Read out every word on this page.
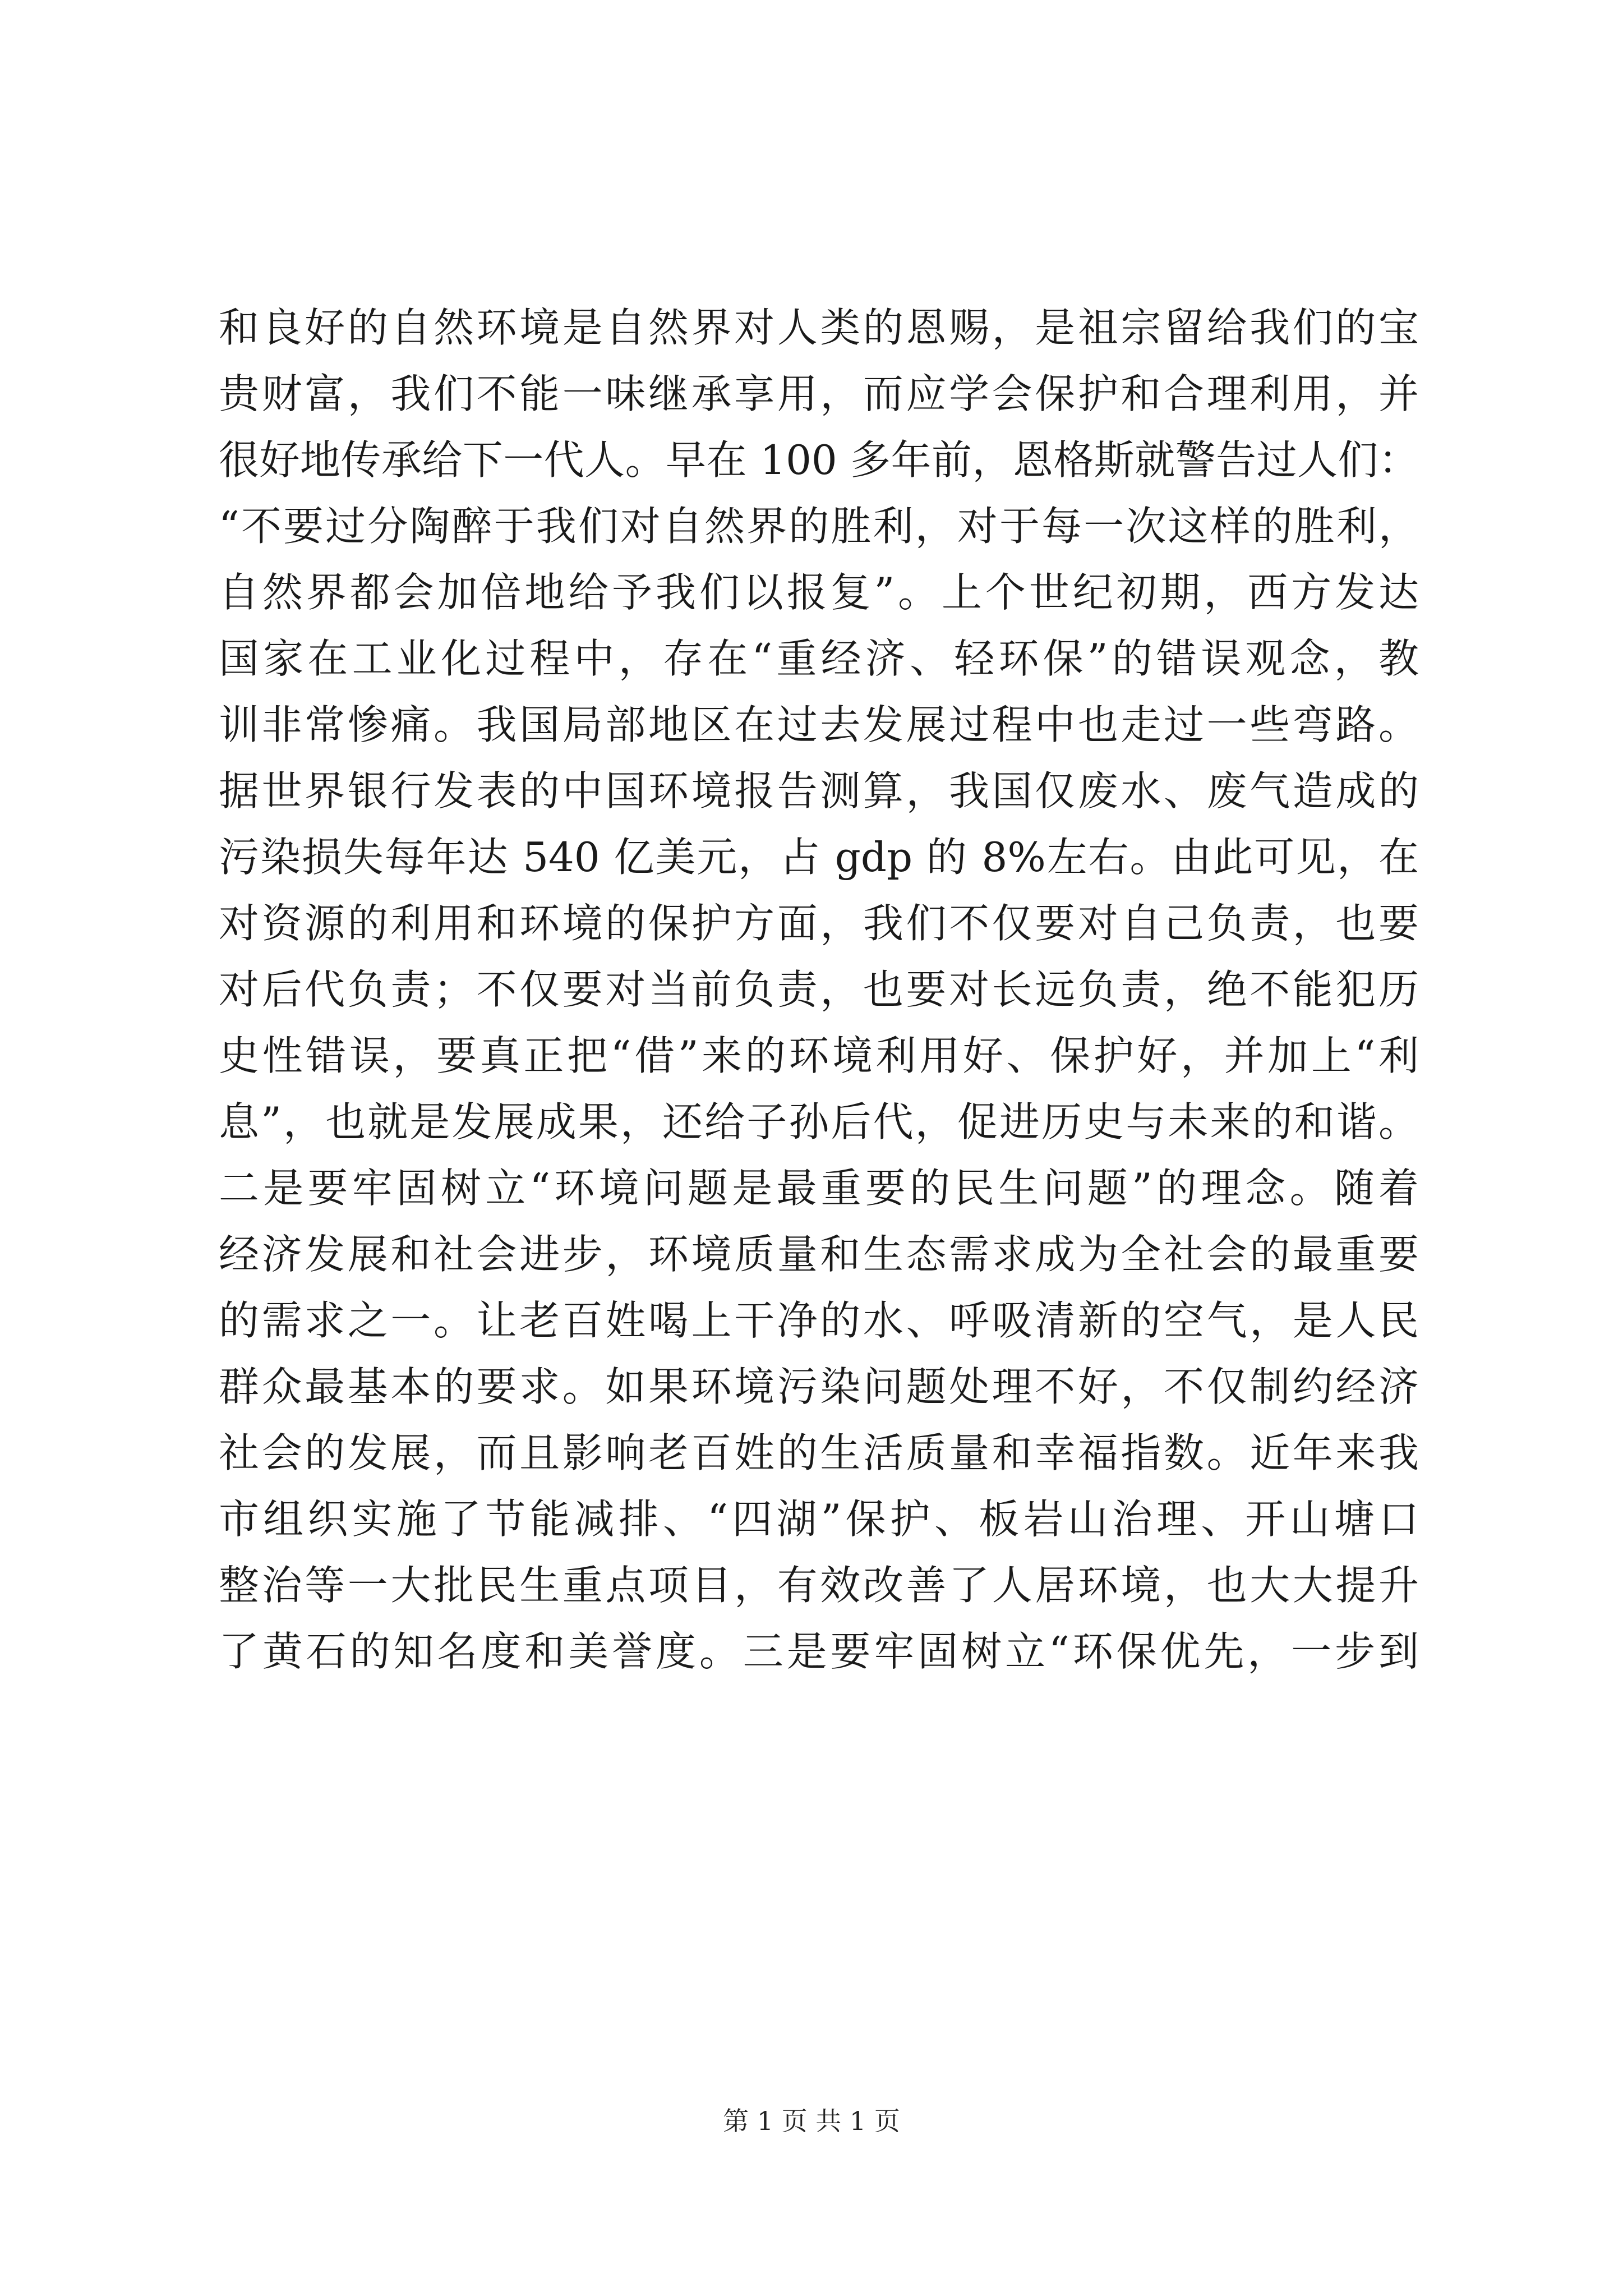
和良好的自然环境是自然界对人类的恩赐，是祖宗留给我们的宝
贵财富，我们不能一味继承享用，而应学会保护和合理利用，并
很好地传承给下一代人。早在 100 多年前，恩格斯就警告过人们：
“不要过分陶醉于我们对自然界的胜利，对于每一次这样的胜利，
自然界都会加倍地给予我们以报复”。上个世纪初期，西方发达
国家在工业化过程中，存在“重经济、轻环保”的错误观念，教
训非常惨痛。我国局部地区在过去发展过程中也走过一些弯路。
据世界银行发表的中国环境报告测算，我国仅废水、废气造成的
污染损失每年达 540 亿美元，占 gdp 的 8%左右。由此可见，在
对资源的利用和环境的保护方面，我们不仅要对自己负责，也要
对后代负责；不仅要对当前负责，也要对长远负责，绝不能犯历
史性错误，要真正把“借”来的环境利用好、保护好，并加上“利
息”，也就是发展成果，还给子孙后代，促进历史与未来的和谐。
二是要牢固树立“环境问题是最重要的民生问题”的理念。随着
经济发展和社会进步，环境质量和生态需求成为全社会的最重要
的需求之一。让老百姓喝上干净的水、呼吸清新的空气，是人民
群众最基本的要求。如果环境污染问题处理不好，不仅制约经济
社会的发展，而且影响老百姓的生活质量和幸福指数。近年来我
市组织实施了节能减排、“四湖”保护、板岩山治理、开山塘口
整治等一大批民生重点项目，有效改善了人居环境，也大大提升
了黄石的知名度和美誉度。三是要牢固树立“环保优先，一步到
第 1 页 共 1 页
